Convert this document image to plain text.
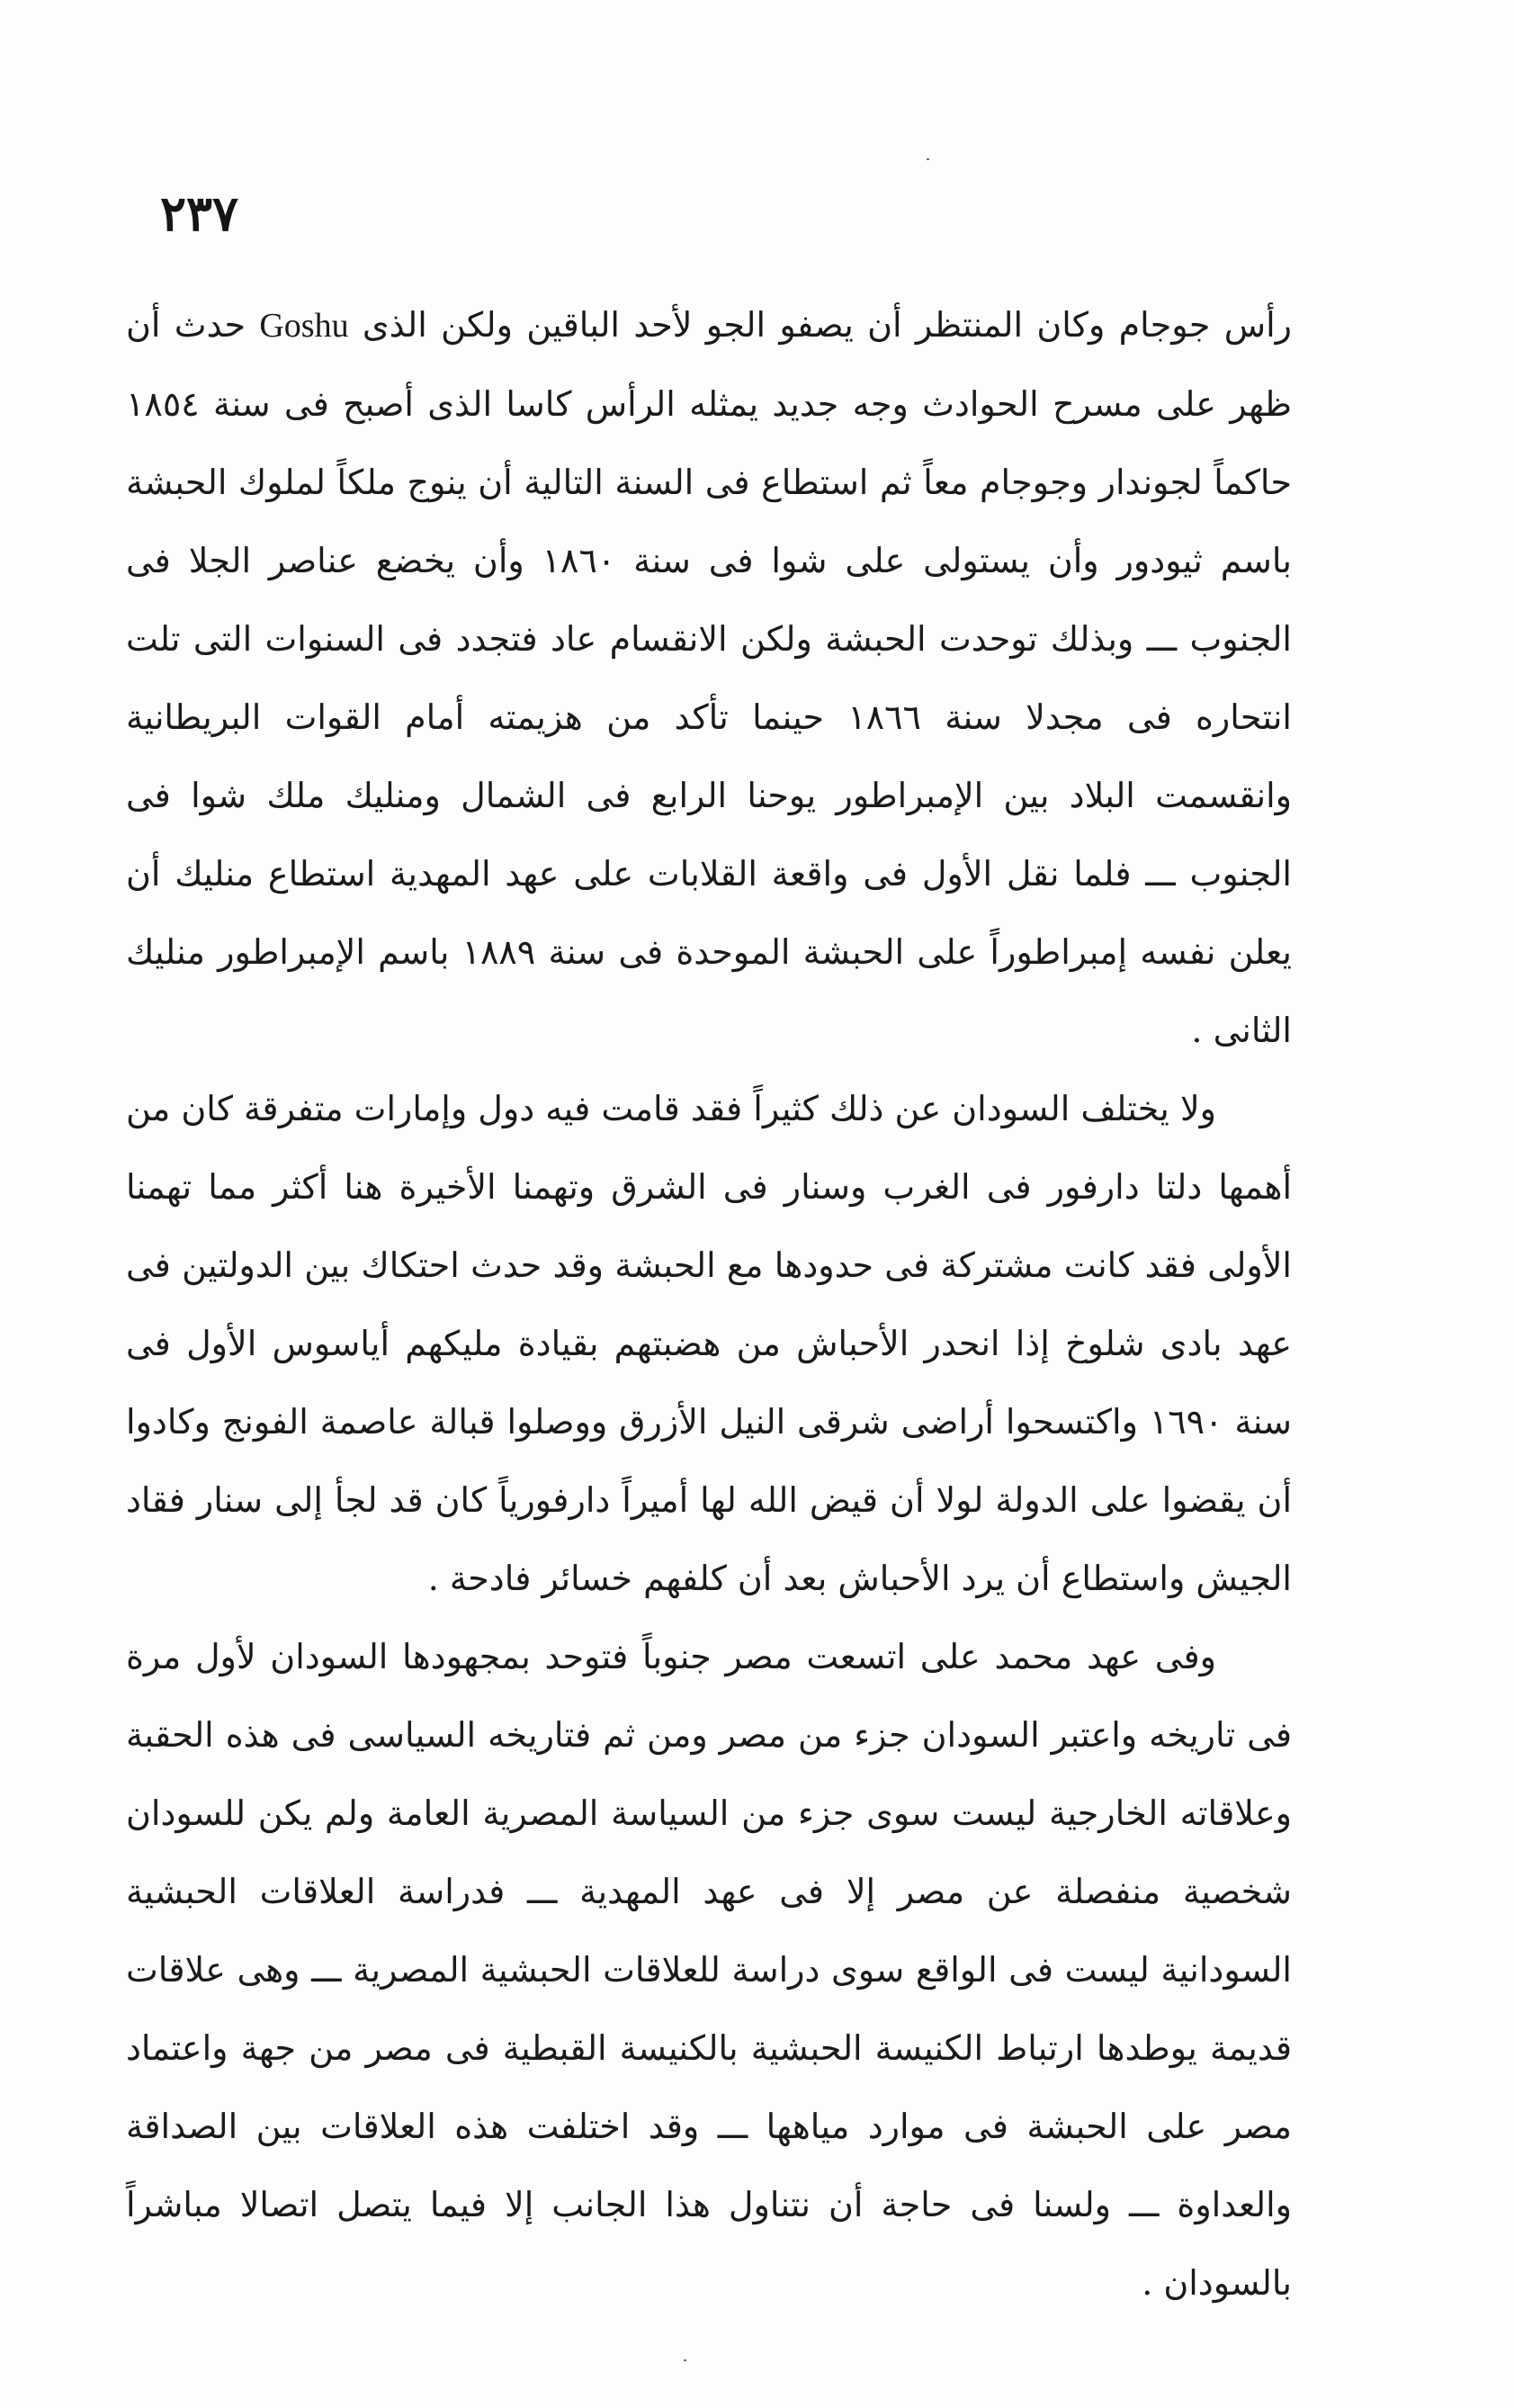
٢٣٧

رأس جوجام وكان المنتظر أن يصفو الجو لأحد الباقين ولكن الذى Goshu حدث أن ظهر على مسرح الحوادث وجه جديد يمثله الرأس كاسا الذى أصبح فى سنة ١٨٥٤ حاكماً لجوندار وجوجام معاً ثم استطاع فى السنة التالية أن ينوج ملكاً لملوك الحبشة باسم ثيودور وأن يستولى على شوا فى سنة ١٨٦٠ وأن يخضع عناصر الجلا فى الجنوب ـــ وبذلك توحدت الحبشة ولكن الانقسام عاد فتجدد فى السنوات التى تلت انتحاره فى مجدلا سنة ١٨٦٦ حينما تأكد من هزيمته أمام القوات البريطانية وانقسمت البلاد بين الإمبراطور يوحنا الرابع فى الشمال ومنليك ملك شوا فى الجنوب ـــ فلما نقل الأول فى واقعة القلابات على عهد المهدية استطاع منليك أن يعلن نفسه إمبراطوراً على الحبشة الموحدة فى سنة ١٨٨٩ باسم الإمبراطور منليك الثانى .

ولا يختلف السودان عن ذلك كثيراً فقد قامت فيه دول وإمارات متفرقة كان من أهمها دلتا دارفور فى الغرب وسنار فى الشرق وتهمنا الأخيرة هنا أكثر مما تهمنا الأولى فقد كانت مشتركة فى حدودها مع الحبشة وقد حدث احتكاك بين الدولتين فى عهد بادى شلوخ إذا انحدر الأحباش من هضبتهم بقيادة مليكهم أياسوس الأول فى سنة ١٦٩٠ واكتسحوا أراضى شرقى النيل الأزرق ووصلوا قبالة عاصمة الفونج وكادوا أن يقضوا على الدولة لولا أن قيض الله لها أميراً دارفورياً كان قد لجأ إلى سنار فقاد الجيش واستطاع أن يرد الأحباش بعد أن كلفهم خسائر فادحة .

وفى عهد محمد على اتسعت مصر جنوباً فتوحد بمجهودها السودان لأول مرة فى تاريخه واعتبر السودان جزء من مصر ومن ثم فتاريخه السياسى فى هذه الحقبة وعلاقاته الخارجية ليست سوى جزء من السياسة المصرية العامة ولم يكن للسودان شخصية منفصلة عن مصر إلا فى عهد المهدية ـــ فدراسة العلاقات الحبشية السودانية ليست فى الواقع سوى دراسة للعلاقات الحبشية المصرية ـــ وهى علاقات قديمة يوطدها ارتباط الكنيسة الحبشية بالكنيسة القبطية فى مصر من جهة واعتماد مصر على الحبشة فى موارد مياهها ـــ وقد اختلفت هذه العلاقات بين الصداقة والعداوة ـــ ولسنا فى حاجة أن نتناول هذا الجانب إلا فيما يتصل اتصالا مباشراً بالسودان .
